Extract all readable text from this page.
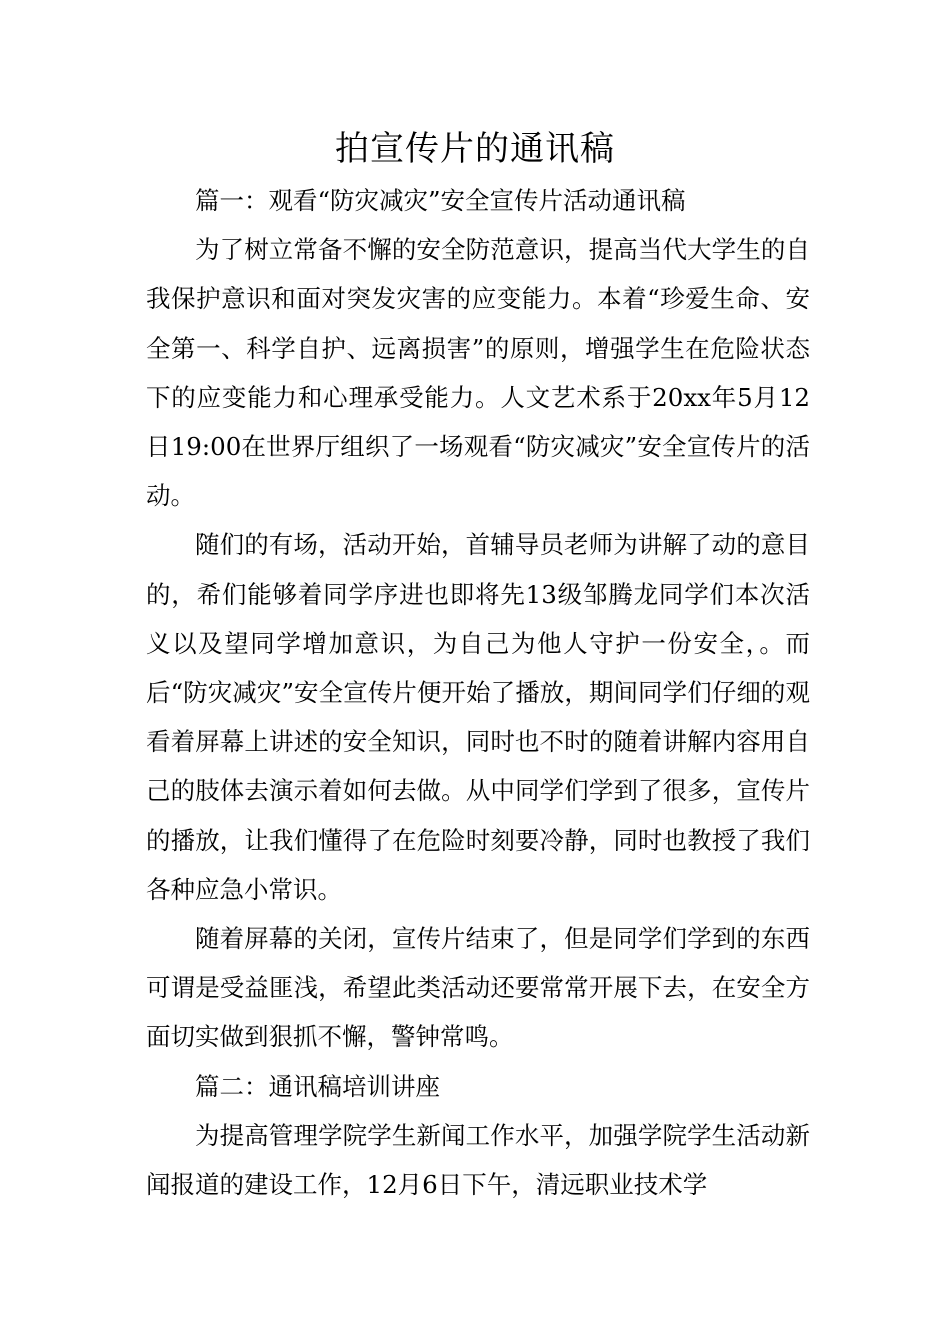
拍宣传片的通讯稿

篇一：观看“防灾减灾”安全宣传片活动通讯稿

为了树立常备不懈的安全防范意识，提高当代大学生的自我保护意识和面对突发灾害的应变能力。本着“珍爱生命、安全第一、科学自护、远离损害”的原则，增强学生在危险状态下的应变能力和心理承受能力。人文艺术系于20xx年5月12日19:00在世界厅组织了一场观看“防灾减灾”安全宣传片的活动。

随们的有场，活动开始，首辅导员老师为讲解了动的意目的，希们能够着同学序进也即将先13级邹腾龙同学们本次活义以及望同学增加意识，为自己为他人守护一份安全，。而后“防灾减灾”安全宣传片便开始了播放，期间同学们仔细的观看着屏幕上讲述的安全知识，同时也不时的随着讲解内容用自己的肢体去演示着如何去做。从中同学们学到了很多，宣传片的播放，让我们懂得了在危险时刻要冷静，同时也教授了我们各种应急小常识。

随着屏幕的关闭，宣传片结束了，但是同学们学到的东西可谓是受益匪浅，希望此类活动还要常常开展下去，在安全方面切实做到狠抓不懈，警钟常鸣。

篇二：通讯稿培训讲座

为提高管理学院学生新闻工作水平，加强学院学生活动新闻报道的建设工作，12月6日下午，清远职业技术学
